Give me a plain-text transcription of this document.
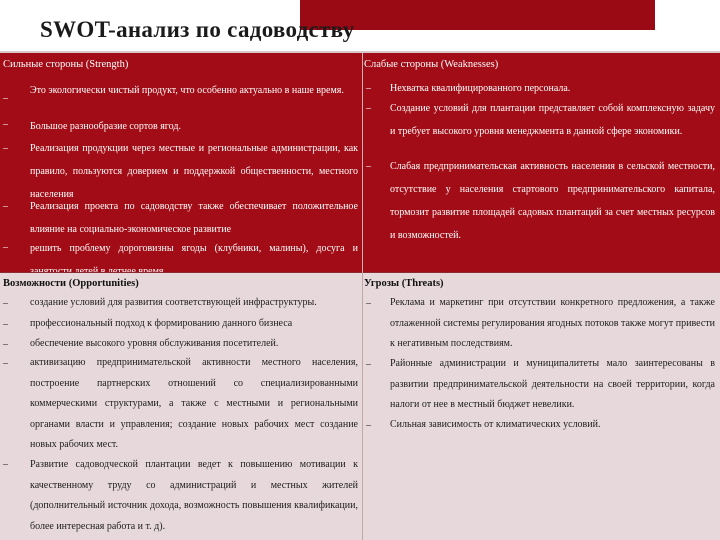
SWOT-анализ по садоводству
Сильные стороны (Strength)
–
Это экологически чистый продукт, что особенно актуально в наше время.
– Большое разнообразие сортов ягод.
– Реализация продукции через местные и региональные администрации, как правило, пользуются доверием и поддержкой общественности, местного населения
– Реализация проекта по садоводству также обеспечивает положительное влияние на социально-экономическое развитие
– решить проблему дороговизны ягоды (клубники, малины), досуга и
Слабые стороны (Weaknesses)
– Нехватка квалифицированного персонала.
– Создание условий для плантации представляет собой комплексную задачу и требует высокого уровня менеджмента в данной сфере экономики.
– Слабая предпринимательская активность населения в сельской местности, отсутствие у населения стартового предпринимательского капитала, тормозит развитие площадей садовых плантаций за счет местных ресурсов и возможностей.
Возможности (Opportunities)
– создание условий для развития соответствующей инфраструктуры.
– профессиональный подход к формированию данного бизнеса
– обеспечение высокого уровня обслуживания посетителей.
– активизацию предпринимательской активности местного населения, построение партнерских отношений со специализированными коммерческими структурами, а также с местными и региональными органами власти и управления; создание новых рабочих мест создание новых рабочих мест.
– Развитие садоводческой плантации ведет к повышению мотивации к качественному труду со администраций и местных жителей (дополнительный источник дохода, возможность повышения квалификации, более интересная работа и т. д).
Угрозы (Threats)
– Реклама и маркетинг при отсутствии конкретного предложения, а также отлаженной системы регулирования ягодных потоков также могут привести к негативным последствиям.
– Районные администрации и муниципалитеты мало заинтересованы в развитии предпринимательской деятельности на своей территории, когда налоги от нее в местный бюджет невелики.
– Сильная зависимость от климатических условий.
